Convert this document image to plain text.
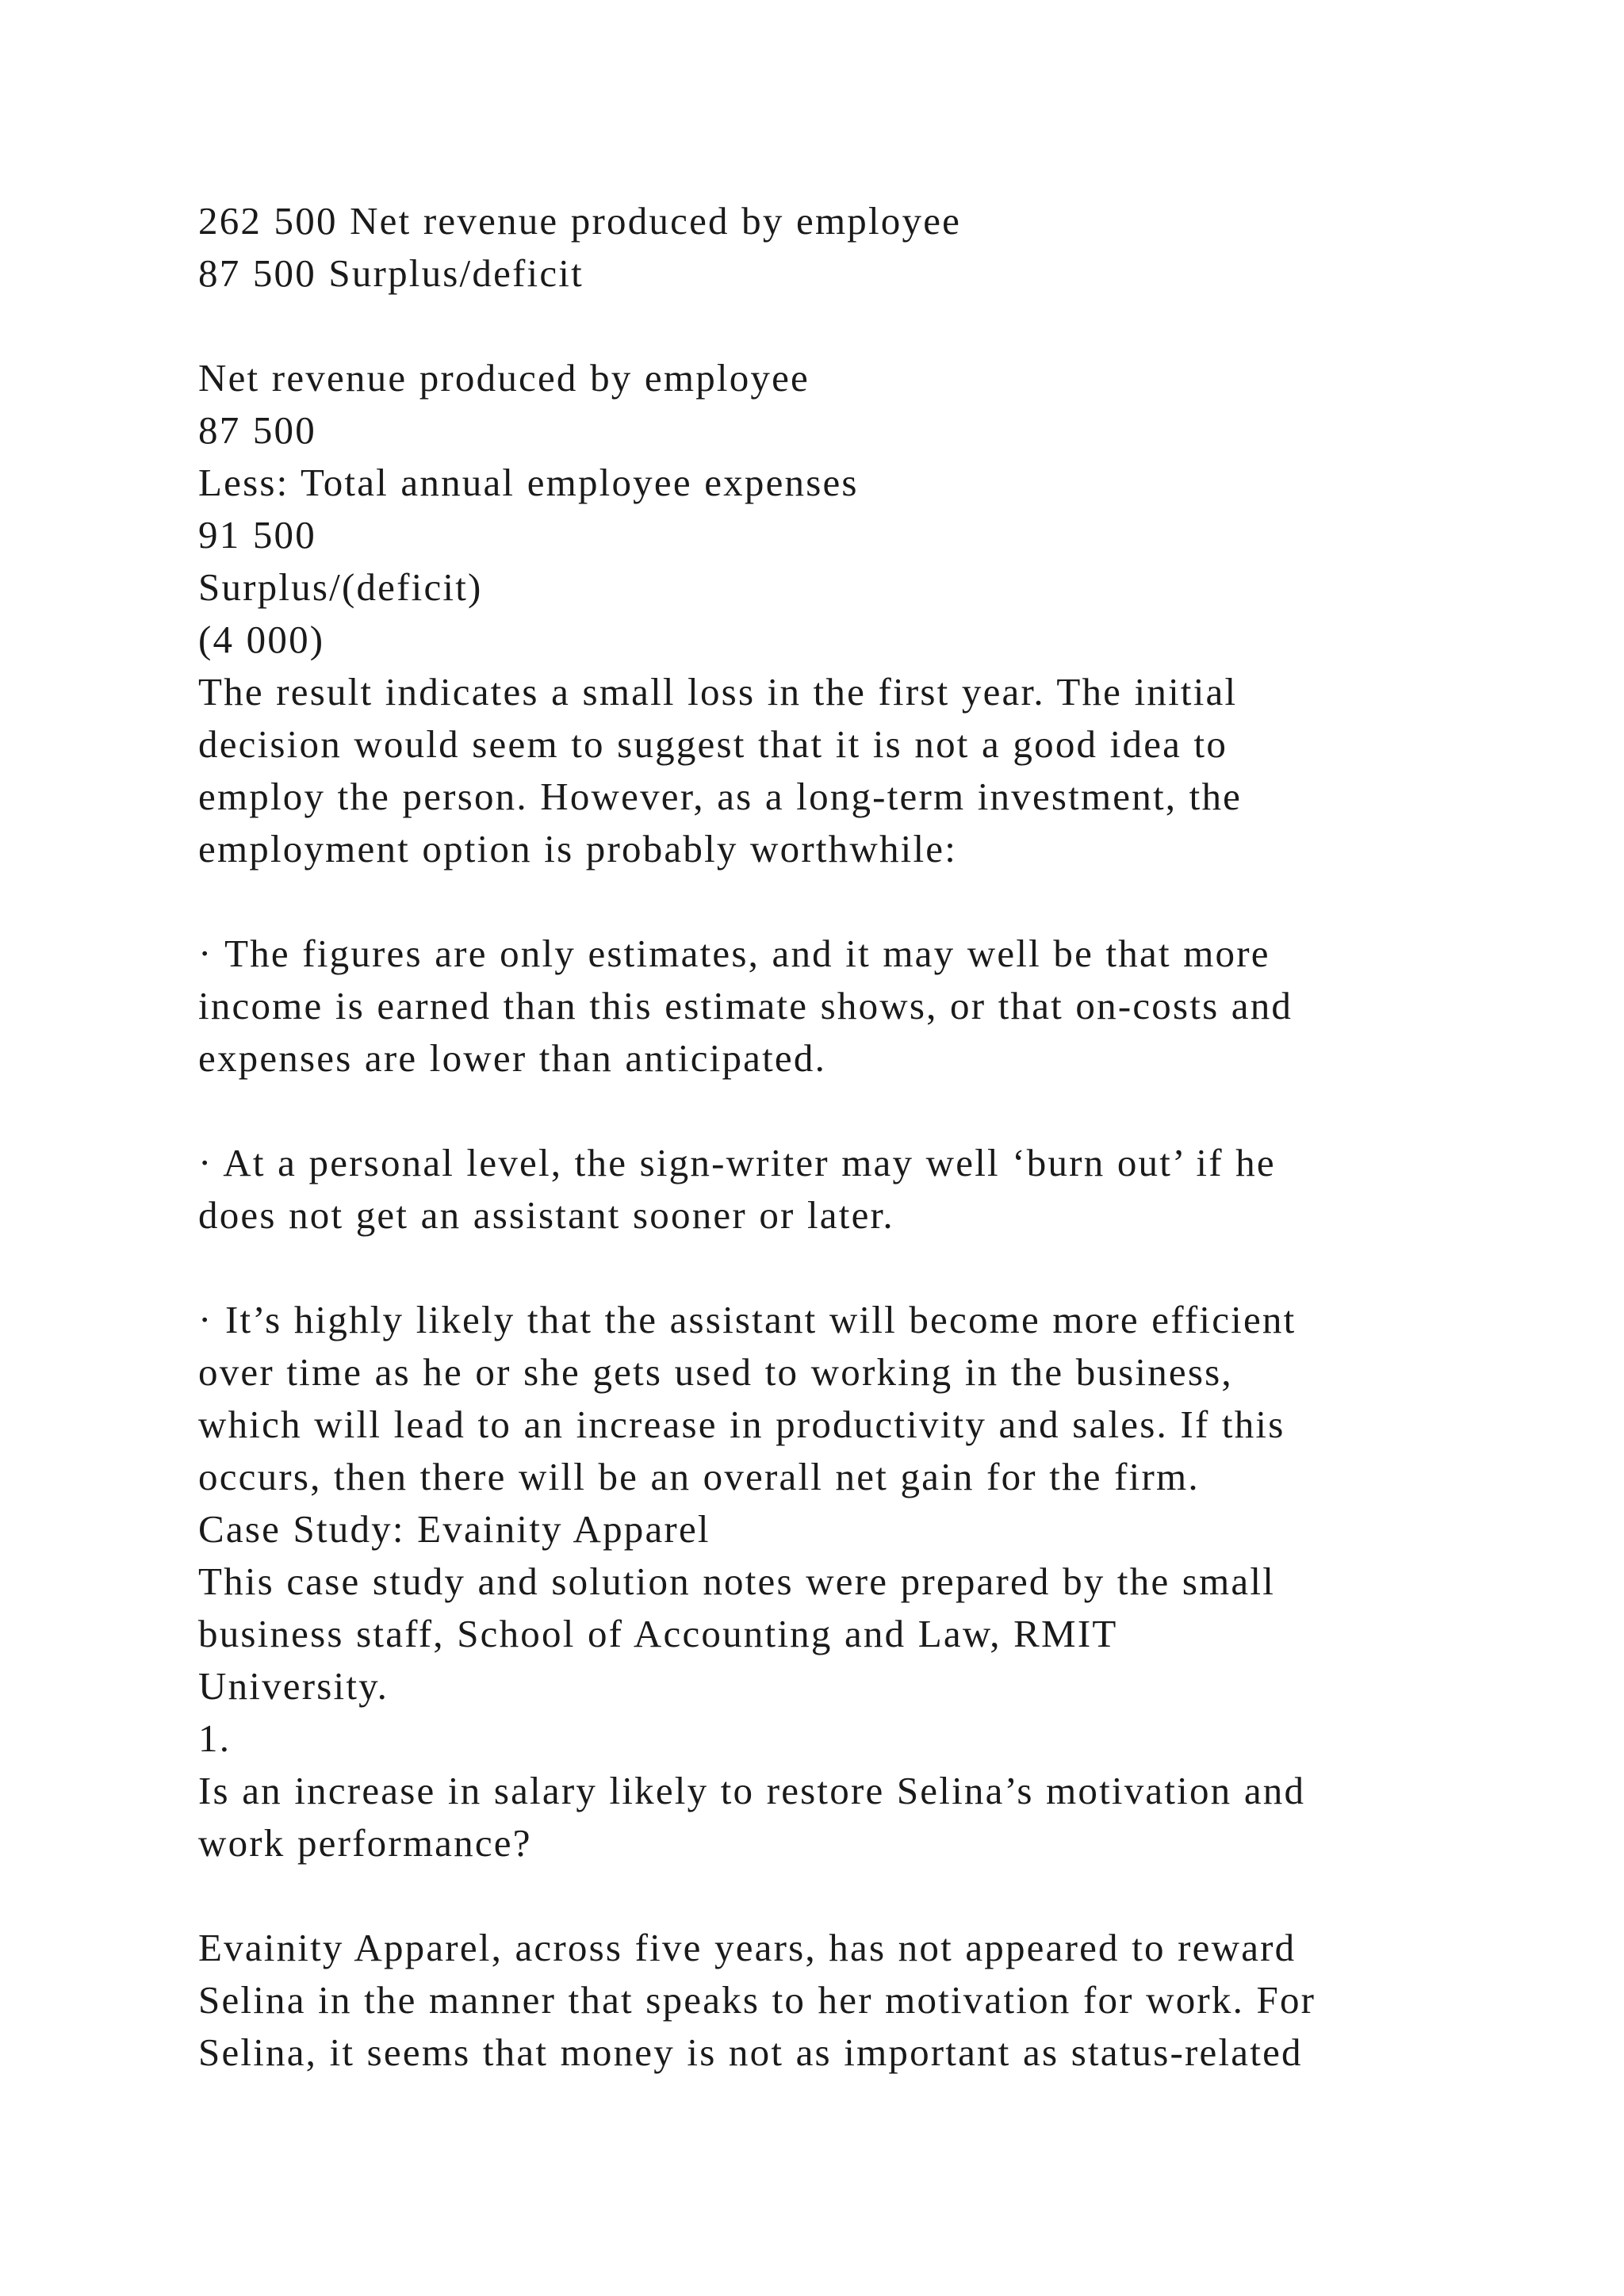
262 500 Net revenue produced by employee
87 500 Surplus/deficit
Net revenue produced by employee
87 500
Less: Total annual employee expenses
91 500
Surplus/(deficit)
(4 000)
The result indicates a small loss in the first year. The initial
decision would seem to suggest that it is not a good idea to
employ the person. However, as a long-term investment, the
employment option is probably worthwhile:
· The figures are only estimates, and it may well be that more
income is earned than this estimate shows, or that on-costs and
expenses are lower than anticipated.
· At a personal level, the sign-writer may well ‘burn out’ if he
does not get an assistant sooner or later.
· It’s highly likely that the assistant will become more efficient
over time as he or she gets used to working in the business,
which will lead to an increase in productivity and sales. If this
occurs, then there will be an overall net gain for the firm.
Case Study: Evainity Apparel
This case study and solution notes were prepared by the small
business staff, School of Accounting and Law, RMIT
University.
1.
Is an increase in salary likely to restore Selina’s motivation and
work performance?
Evainity Apparel, across five years, has not appeared to reward
Selina in the manner that speaks to her motivation for work. For
Selina, it seems that money is not as important as status-related
